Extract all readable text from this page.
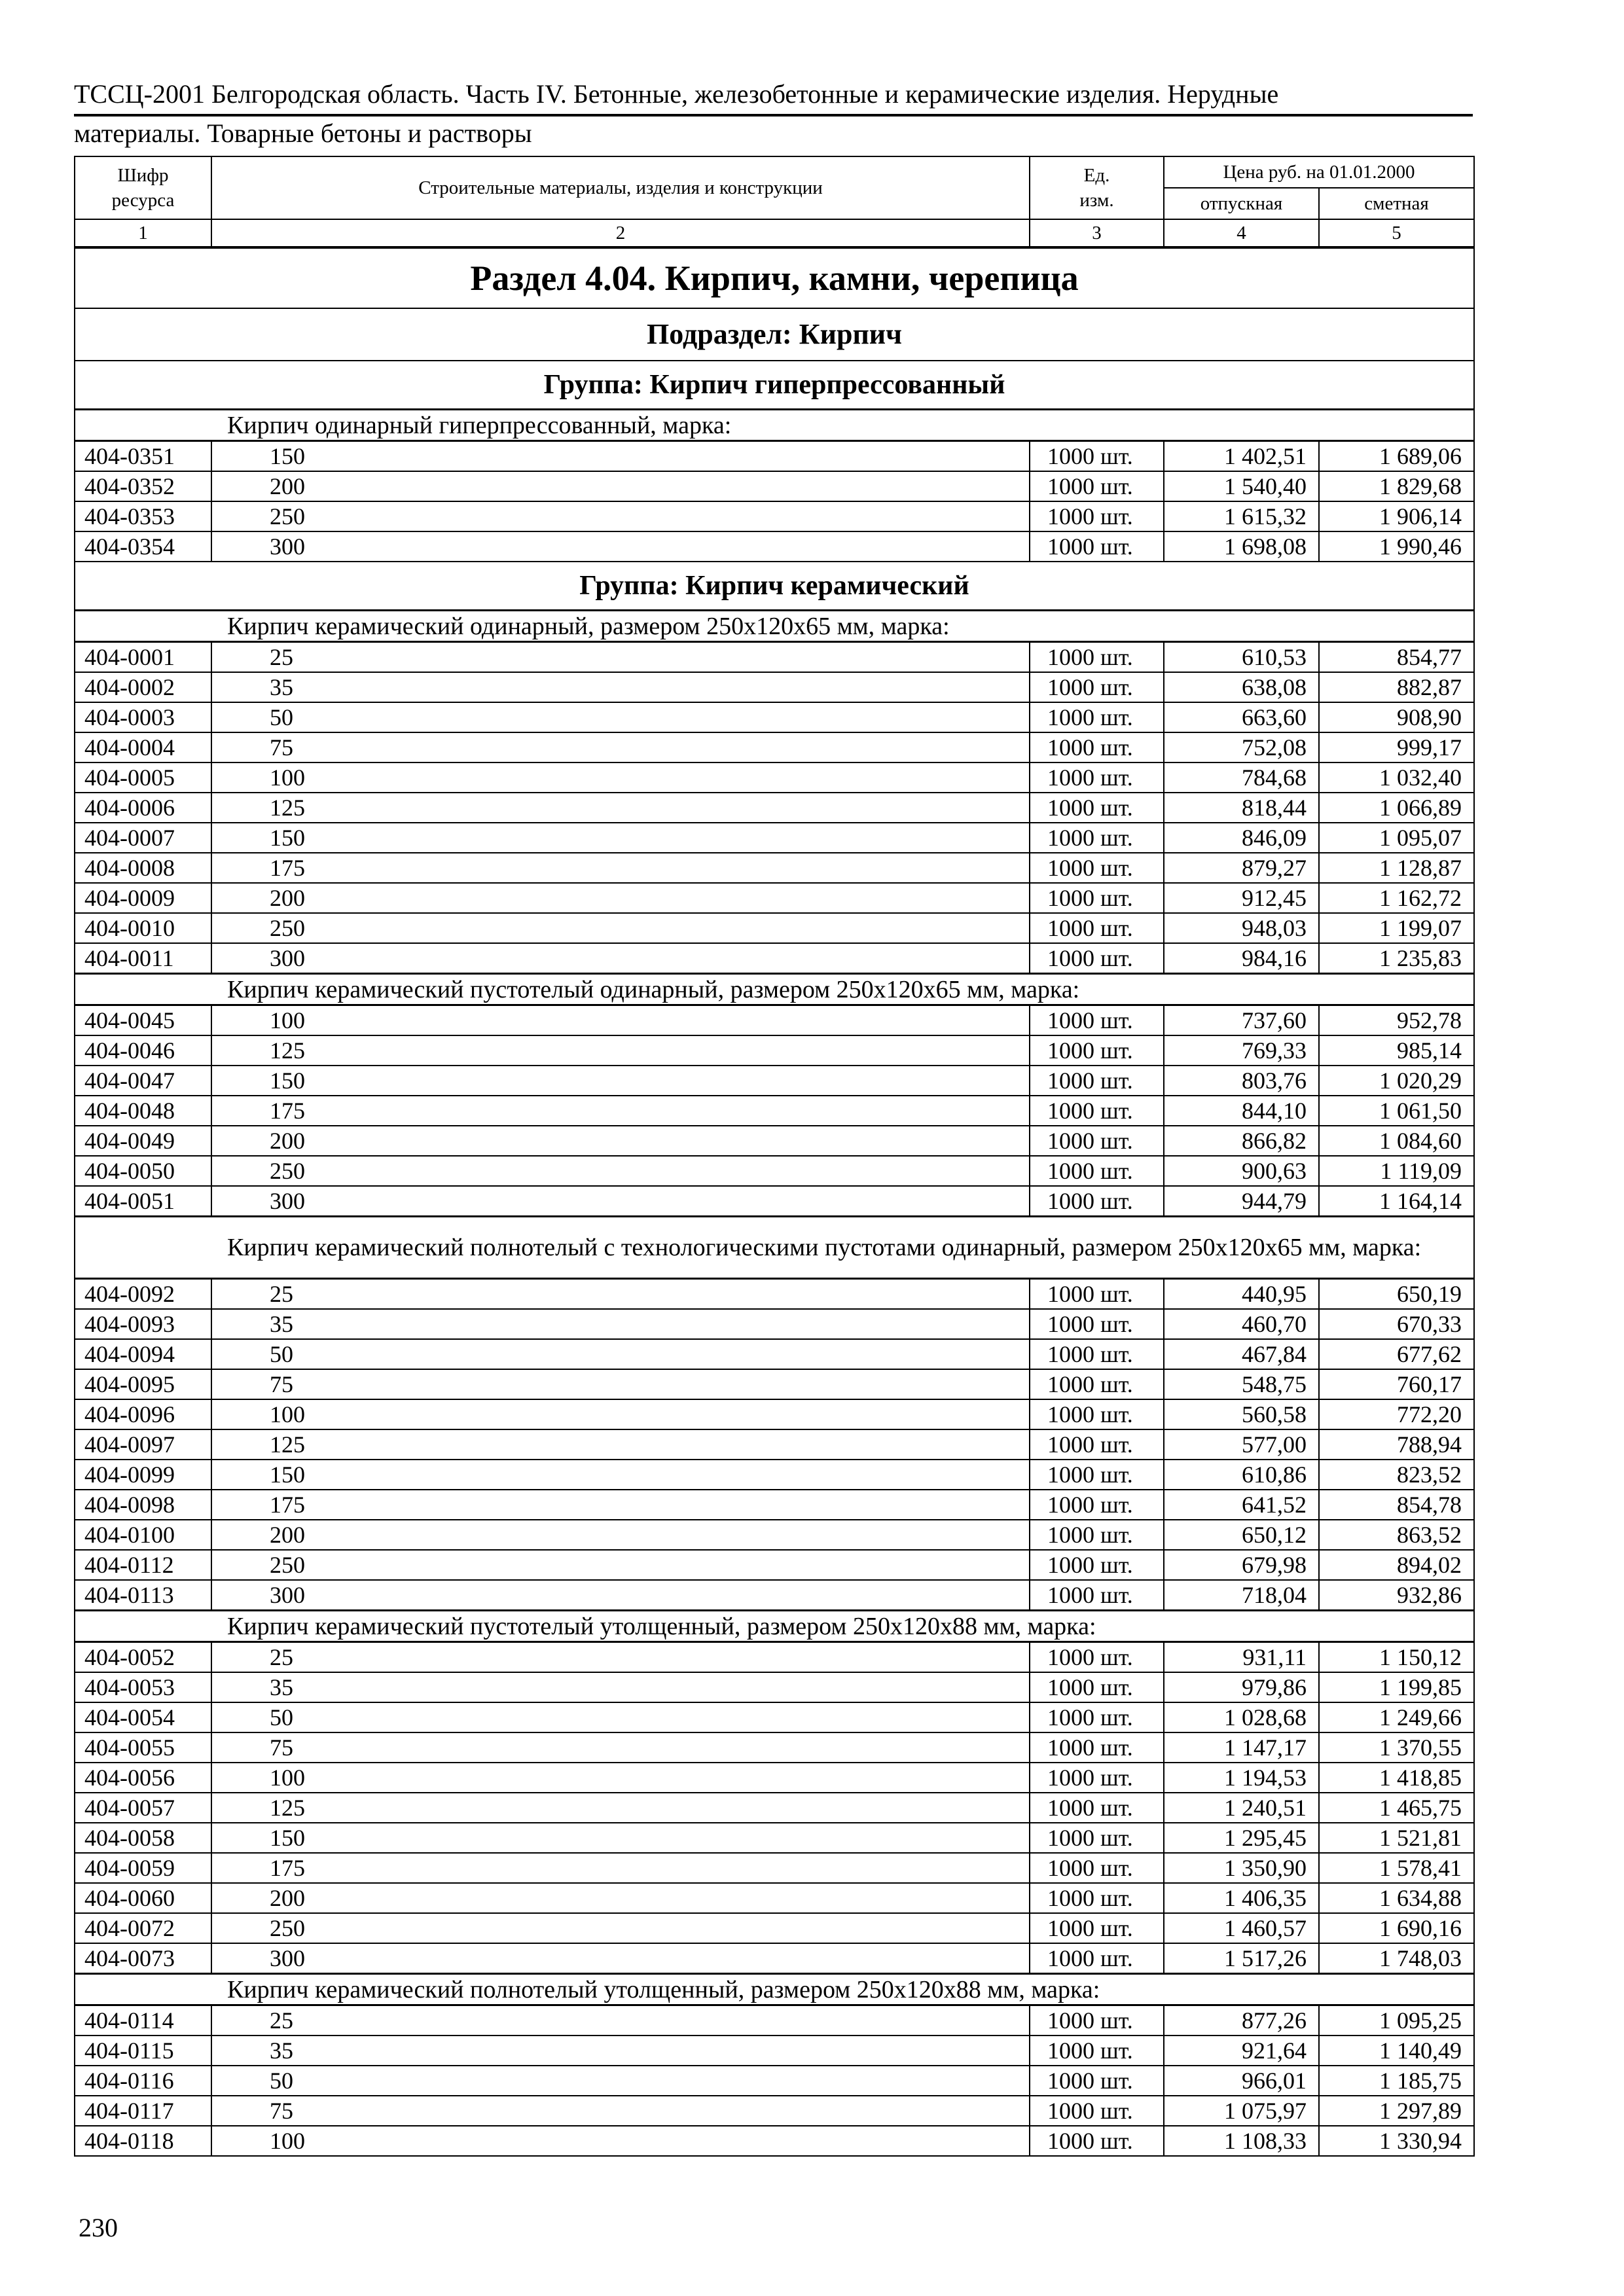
ТССЦ-2001 Белгородская область. Часть IV. Бетонные, железобетонные и керамические изделия. Нерудные
материалы. Товарные бетоны и растворы
Шифр
ресурса
	Строительные материалы, изделия и конструкции	
Ед.
изм.
	Цена руб. на 01.01.2000
			отпускная	сметная
1	2	3	4	5
Раздел 4.04. Кирпич, камни, черепица				
Подраздел: Кирпич				
Группа: Кирпич гиперпрессованный				
Кирпич одинарный гиперпрессованный, марка:				
404-0351	150	1000 шт.	1 402,51	1 689,06
404-0352	200	1000 шт.	1 540,40	1 829,68
404-0353	250	1000 шт.	1 615,32	1 906,14
404-0354	300	1000 шт.	1 698,08	1 990,46
Группа: Кирпич керамический				
Кирпич керамический одинарный, размером 250х120х65 мм, марка:				
404-0001	25	1000 шт.	610,53	854,77
404-0002	35	1000 шт.	638,08	882,87
404-0003	50	1000 шт.	663,60	908,90
404-0004	75	1000 шт.	752,08	999,17
404-0005	100	1000 шт.	784,68	1 032,40
404-0006	125	1000 шт.	818,44	1 066,89
404-0007	150	1000 шт.	846,09	1 095,07
404-0008	175	1000 шт.	879,27	1 128,87
404-0009	200	1000 шт.	912,45	1 162,72
404-0010	250	1000 шт.	948,03	1 199,07
404-0011	300	1000 шт.	984,16	1 235,83
Кирпич керамический пустотелый одинарный, размером 250х120х65 мм, марка:				
404-0045	100	1000 шт.	737,60	952,78
404-0046	125	1000 шт.	769,33	985,14
404-0047	150	1000 шт.	803,76	1 020,29
404-0048	175	1000 шт.	844,10	1 061,50
404-0049	200	1000 шт.	866,82	1 084,60
404-0050	250	1000 шт.	900,63	1 119,09
404-0051	300	1000 шт.	944,79	1 164,14
Кирпич керамический полнотелый с технологическими пустотами одинарный, размером 250х120х65 мм, марка:				
404-0092	25	1000 шт.	440,95	650,19
404-0093	35	1000 шт.	460,70	670,33
404-0094	50	1000 шт.	467,84	677,62
404-0095	75	1000 шт.	548,75	760,17
404-0096	100	1000 шт.	560,58	772,20
404-0097	125	1000 шт.	577,00	788,94
404-0099	150	1000 шт.	610,86	823,52
404-0098	175	1000 шт.	641,52	854,78
404-0100	200	1000 шт.	650,12	863,52
404-0112	250	1000 шт.	679,98	894,02
404-0113	300	1000 шт.	718,04	932,86
Кирпич керамический пустотелый утолщенный, размером 250х120х88 мм, марка:				
404-0052	25	1000 шт.	931,11	1 150,12
404-0053	35	1000 шт.	979,86	1 199,85
404-0054	50	1000 шт.	1 028,68	1 249,66
404-0055	75	1000 шт.	1 147,17	1 370,55
404-0056	100	1000 шт.	1 194,53	1 418,85
404-0057	125	1000 шт.	1 240,51	1 465,75
404-0058	150	1000 шт.	1 295,45	1 521,81
404-0059	175	1000 шт.	1 350,90	1 578,41
404-0060	200	1000 шт.	1 406,35	1 634,88
404-0072	250	1000 шт.	1 460,57	1 690,16
404-0073	300	1000 шт.	1 517,26	1 748,03
Кирпич керамический полнотелый утолщенный, размером 250х120х88 мм, марка:				
404-0114	25	1000 шт.	877,26	1 095,25
404-0115	35	1000 шт.	921,64	1 140,49
404-0116	50	1000 шт.	966,01	1 185,75
404-0117	75	1000 шт.	1 075,97	1 297,89
404-0118	100	1000 шт.	1 108,33	1 330,94
230
